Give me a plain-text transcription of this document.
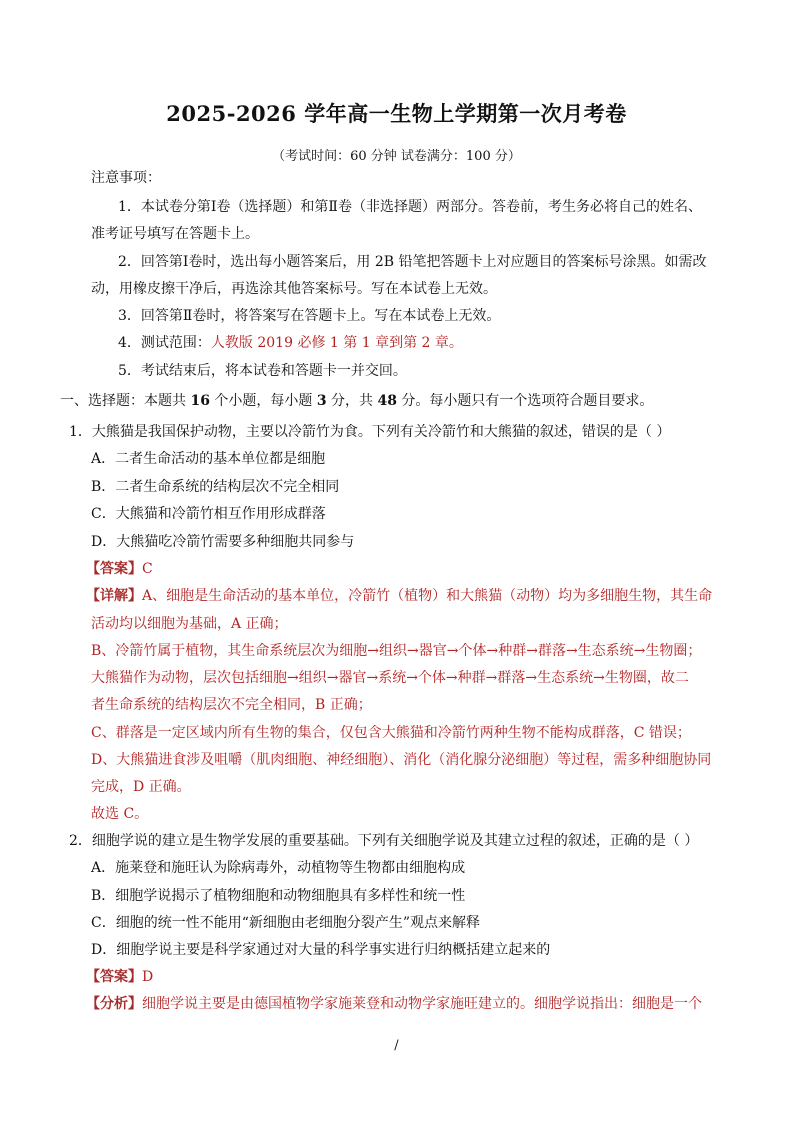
2025-2026 学年高一生物上学期第一次月考卷
（考试时间：60 分钟 试卷满分：100 分）
注意事项：
1．本试卷分第Ⅰ卷（选择题）和第Ⅱ卷（非选择题）两部分。答卷前，考生务必将自己的姓名、
准考证号填写在答题卡上。
2．回答第Ⅰ卷时，选出每小题答案后，用 2B 铅笔把答题卡上对应题目的答案标号涂黑。如需改
动，用橡皮擦干净后，再选涂其他答案标号。写在本试卷上无效。
3．回答第Ⅱ卷时，将答案写在答题卡上。写在本试卷上无效。
4．测试范围：人教版 2019 必修 1 第 1 章到第 2 章。
5．考试结束后，将本试卷和答题卡一并交回。
一、选择题：本题共 16 个小题，每小题 3 分，共 48 分。每小题只有一个选项符合题目要求。
1．大熊猫是我国保护动物，主要以冷箭竹为食。下列有关冷箭竹和大熊猫的叙述，错误的是（ ）
A．二者生命活动的基本单位都是细胞
B．二者生命系统的结构层次不完全相同
C．大熊猫和冷箭竹相互作用形成群落
D．大熊猫吃冷箭竹需要多种细胞共同参与
【答案】C
【详解】A、细胞是生命活动的基本单位，冷箭竹（植物）和大熊猫（动物）均为多细胞生物，其生命
活动均以细胞为基础，A 正确；
B、冷箭竹属于植物，其生命系统层次为细胞→组织→器官→个体→种群→群落→生态系统→生物圈；
大熊猫作为动物，层次包括细胞→组织→器官→系统→个体→种群→群落→生态系统→生物圈，故二
者生命系统的结构层次不完全相同，B 正确；
C、群落是一定区域内所有生物的集合，仅包含大熊猫和冷箭竹两种生物不能构成群落，C 错误；
D、大熊猫进食涉及咀嚼（肌肉细胞、神经细胞）、消化（消化腺分泌细胞）等过程，需多种细胞协同
完成，D 正确。
故选 C。
2．细胞学说的建立是生物学发展的重要基础。下列有关细胞学说及其建立过程的叙述，正确的是（ ）
A．施莱登和施旺认为除病毒外，动植物等生物都由细胞构成
B．细胞学说揭示了植物细胞和动物细胞具有多样性和统一性
C．细胞的统一性不能用“新细胞由老细胞分裂产生”观点来解释
D．细胞学说主要是科学家通过对大量的科学事实进行归纳概括建立起来的
【答案】D
【分析】细胞学说主要是由德国植物学家施莱登和动物学家施旺建立的。细胞学说指出：细胞是一个
/
